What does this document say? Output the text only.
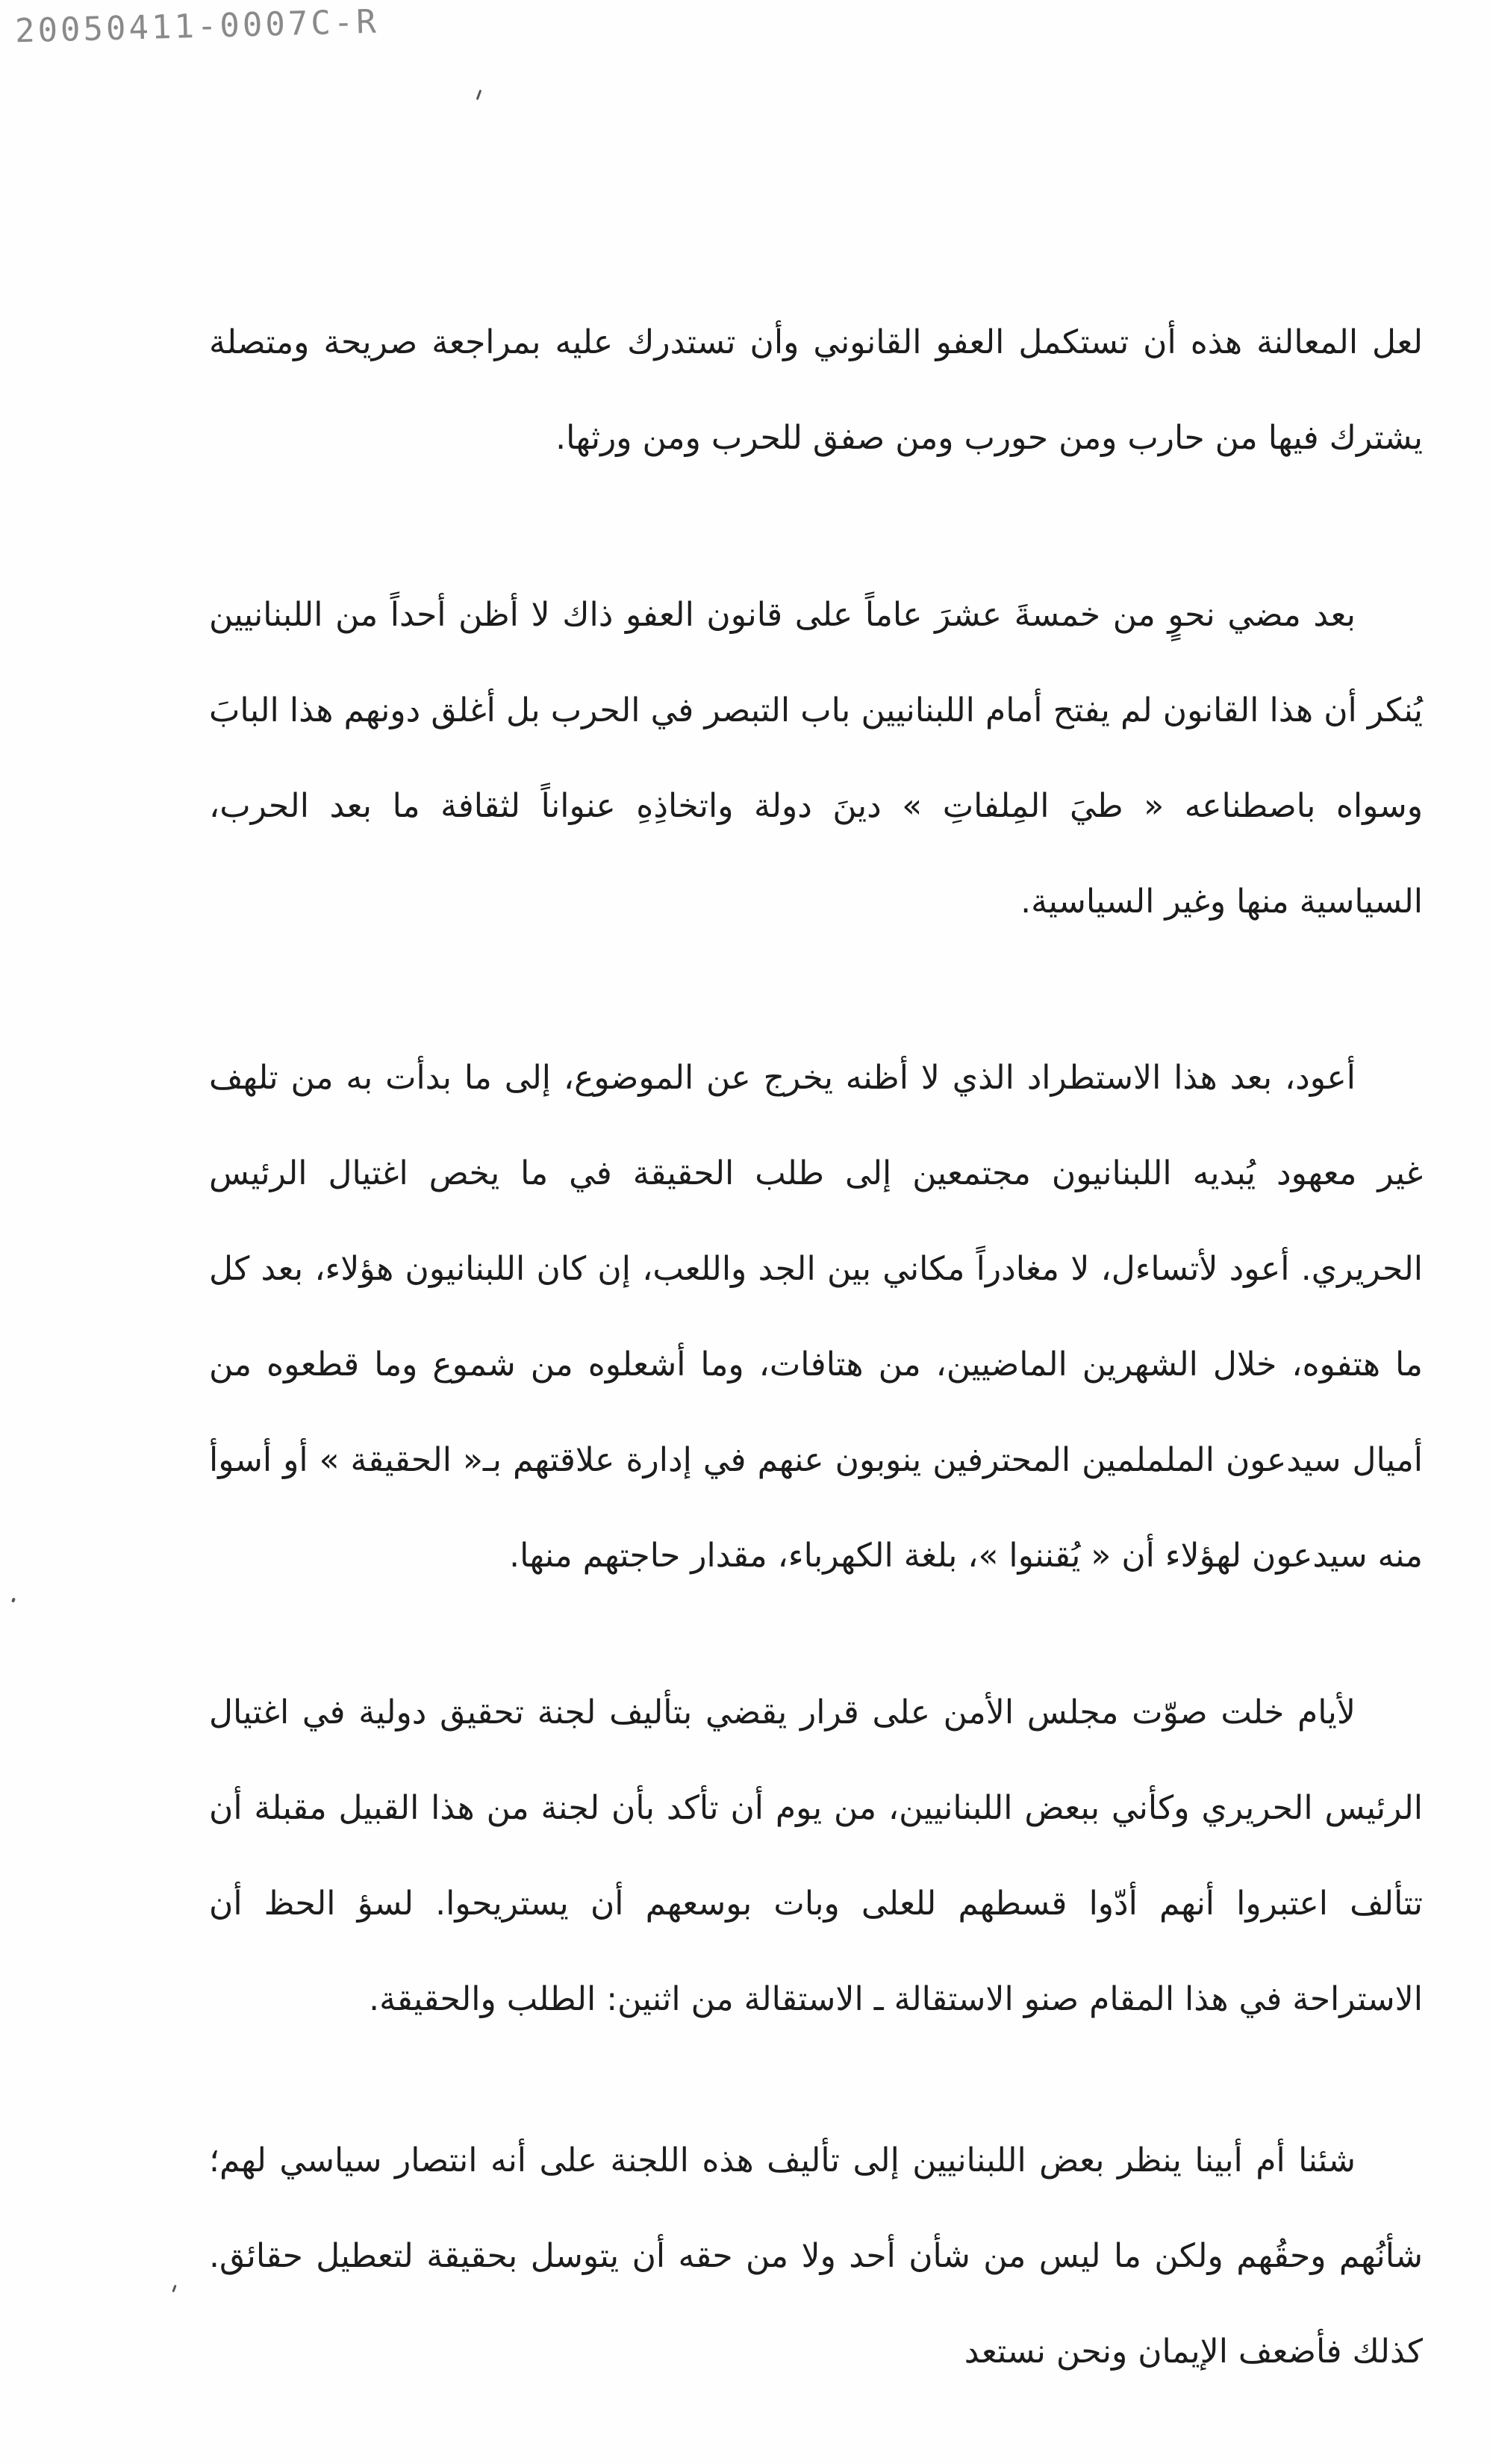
20050411-0007C-R

لعل المعالنة هذه أن تستكمل العفو القانوني وأن تستدرك عليه بمراجعة صريحة ومتصلة يشترك فيها من حارب ومن حورب ومن صفق للحرب ومن ورثها.

بعد مضي نحوٍ من خمسةَ عشرَ عاماً على قانون العفو ذاك لا أظن أحداً من اللبنانيين يُنكر أن هذا القانون لم يفتح أمام اللبنانيين باب التبصر في الحرب بل أغلق دونهم هذا البابَ وسواه باصطناعه « طيَ المِلفاتِ » دينَ دولة واتخاذِهِ عنواناً لثقافة ما بعد الحرب، السياسية منها وغير السياسية.

أعود، بعد هذا الاستطراد الذي لا أظنه يخرج عن الموضوع، إلى ما بدأت به من تلهف غير معهود يُبديه اللبنانيون مجتمعين إلى طلب الحقيقة في ما يخص اغتيال الرئيس الحريري. أعود لأتساءل، لا مغادراً مكاني بين الجد واللعب، إن كان اللبنانيون هؤلاء، بعد كل ما هتفوه، خلال الشهرين الماضيين، من هتافات، وما أشعلوه من شموع وما قطعوه من أميال سيدعون الململمين المحترفين ينوبون عنهم في إدارة علاقتهم بـ« الحقيقة » أو أسوأ منه سيدعون لهؤلاء أن « يُقننوا »، بلغة الكهرباء، مقدار حاجتهم منها.

لأيام خلت صوّت مجلس الأمن على قرار يقضي بتأليف لجنة تحقيق دولية في اغتيال الرئيس الحريري وكأني ببعض اللبنانيين، من يوم أن تأكد بأن لجنة من هذا القبيل مقبلة أن تتألف اعتبروا أنهم أدّوا قسطهم للعلى وبات بوسعهم أن يستريحوا. لسؤ الحظ أن الاستراحة في هذا المقام صنو الاستقالة ـ الاستقالة من اثنين: الطلب والحقيقة.

شئنا أم أبينا ينظر بعض اللبنانيين إلى تأليف هذه اللجنة على أنه انتصار سياسي لهم؛ شأنُهم وحقُهم ولكن ما ليس من شأن أحد ولا من حقه أن يتوسل بحقيقة لتعطيل حقائق. كذلك فأضعف الإيمان ونحن نستعد
